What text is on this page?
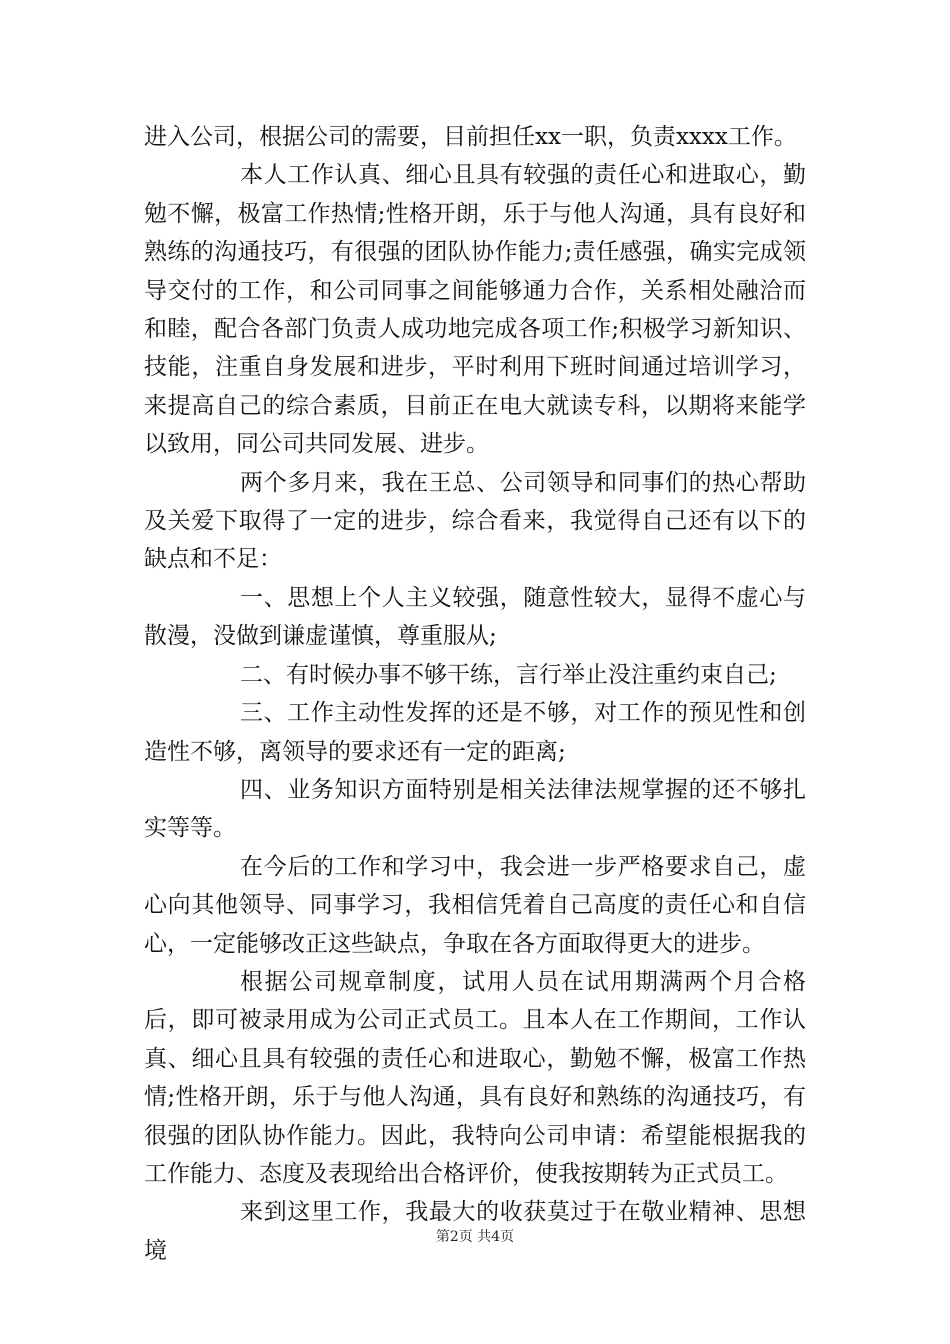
进入公司，根据公司的需要，目前担任xx一职，负责xxxx工作。

本人工作认真、细心且具有较强的责任心和进取心，勤勉不懈，极富工作热情;性格开朗，乐于与他人沟通，具有良好和熟练的沟通技巧，有很强的团队协作能力;责任感强，确实完成领导交付的工作，和公司同事之间能够通力合作，关系相处融洽而和睦，配合各部门负责人成功地完成各项工作;积极学习新知识、技能，注重自身发展和进步，平时利用下班时间通过培训学习，来提高自己的综合素质，目前正在电大就读专科，以期将来能学以致用，同公司共同发展、进步。

两个多月来，我在王总、公司领导和同事们的热心帮助及关爱下取得了一定的进步，综合看来，我觉得自己还有以下的缺点和不足：

一、思想上个人主义较强，随意性较大，显得不虚心与散漫，没做到谦虚谨慎，尊重服从;

二、有时候办事不够干练，言行举止没注重约束自己;

三、工作主动性发挥的还是不够，对工作的预见性和创造性不够，离领导的要求还有一定的距离;

四、业务知识方面特别是相关法律法规掌握的还不够扎实等等。

在今后的工作和学习中，我会进一步严格要求自己，虚心向其他领导、同事学习，我相信凭着自己高度的责任心和自信心，一定能够改正这些缺点，争取在各方面取得更大的进步。

根据公司规章制度，试用人员在试用期满两个月合格后，即可被录用成为公司正式员工。且本人在工作期间，工作认真、细心且具有较强的责任心和进取心，勤勉不懈，极富工作热情;性格开朗，乐于与他人沟通，具有良好和熟练的沟通技巧，有很强的团队协作能力。因此，我特向公司申请：希望能根据我的工作能力、态度及表现给出合格评价，使我按期转为正式员工。

来到这里工作，我最大的收获莫过于在敬业精神、思想境

第2页 共4页
